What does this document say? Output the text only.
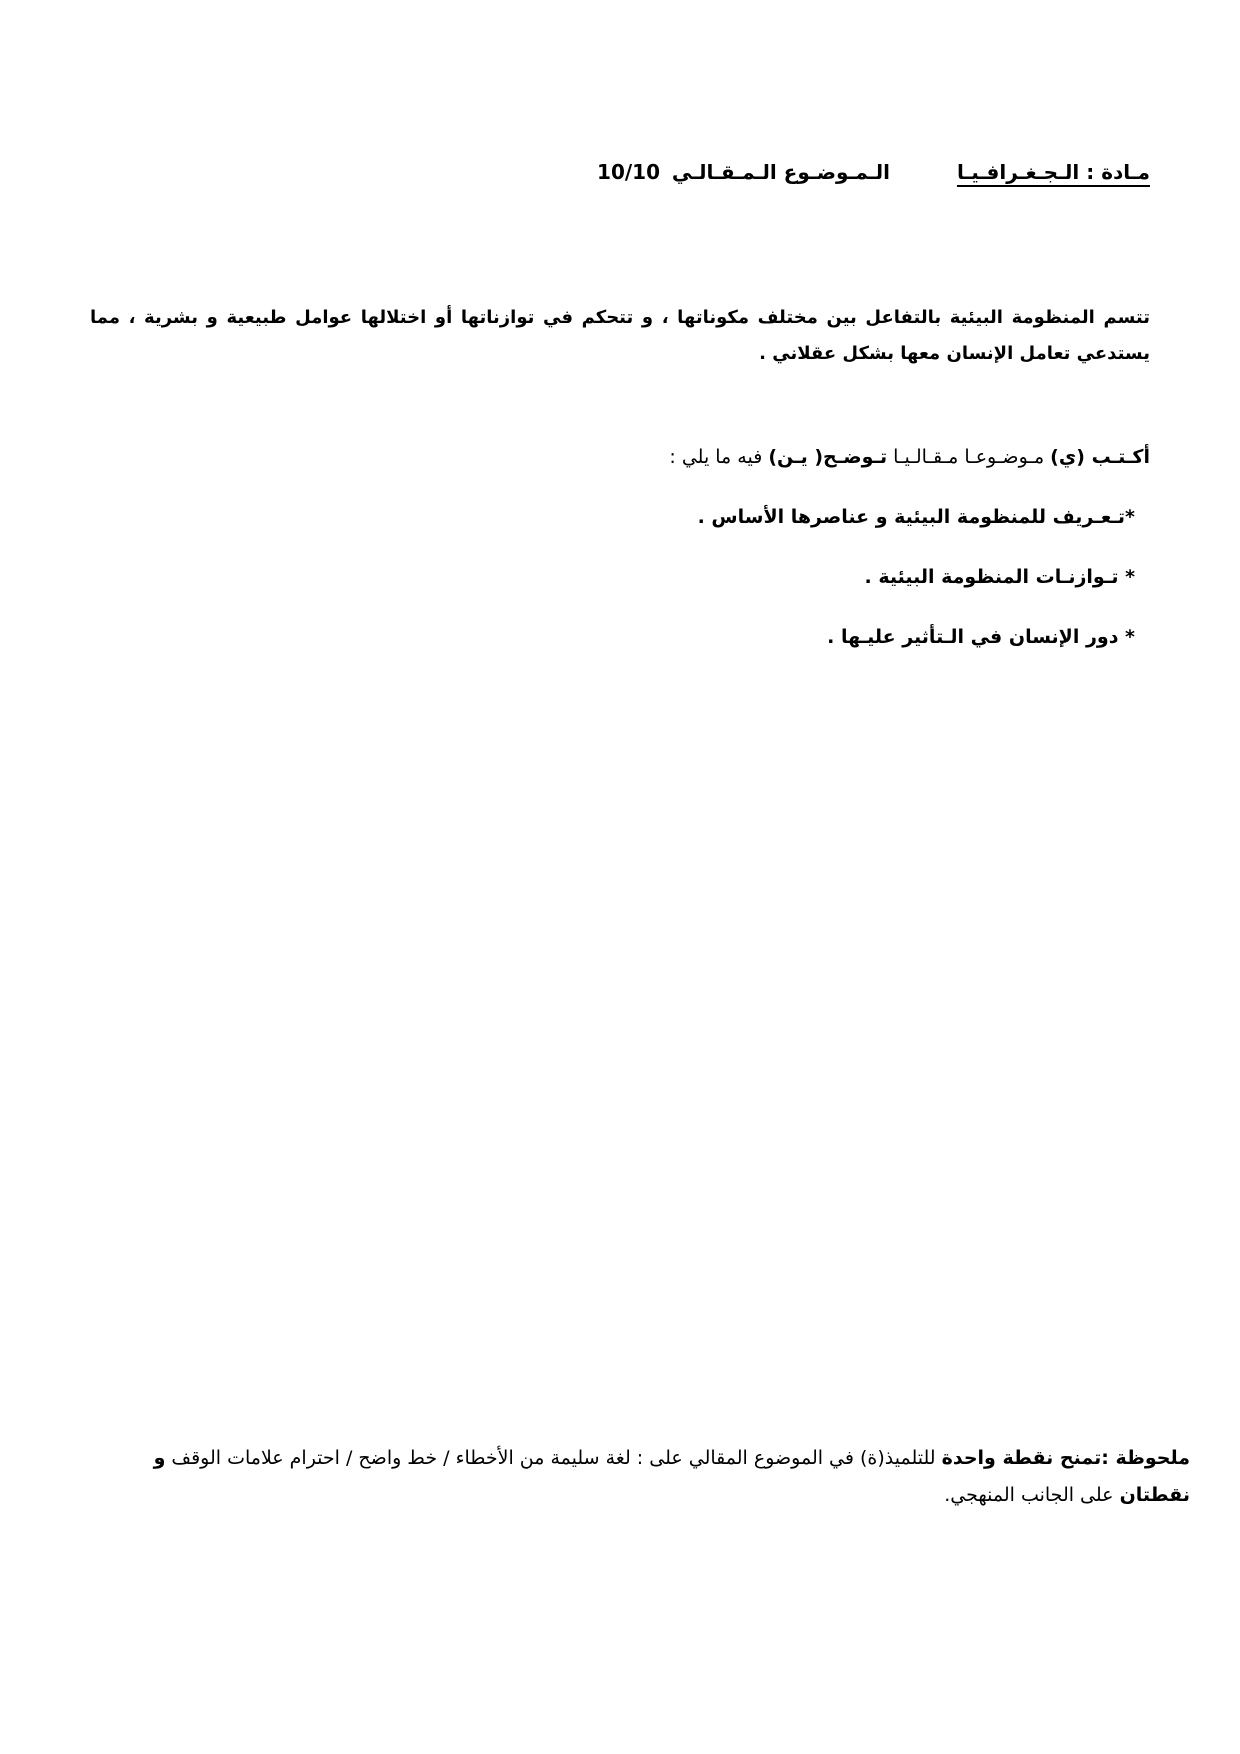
مـادة : الـجـغـرافـيـا
الـمـوضـوع الـمـقـالـي
10/10

تتسم المنظومة البيئية بالتفاعل بين مختلف مكوناتها ، و تتحكم في توازناتها أو اختلالها عوامل طبيعية و بشرية ، مما يستدعي تعامل الإنسان معها بشكل عقلاني .

أكـتـب (ي) مـوضـوعـا مـقـالـيـا تـوضـح( يـن) فيه ما يلي :
*تـعـريف للمنظومة البيئية و عناصرها الأساس .
* تـوازنـات المنظومة البيئية .
* دور الإنسان في الـتأثير عليـها .
ملحوظة :تمنح نقطة واحدة للتلميذ(ة) في الموضوع المقالي على : لغة سليمة من الأخطاء / خط واضح / احترام علامات الوقف و نقطتان على الجانب المنهجي.
